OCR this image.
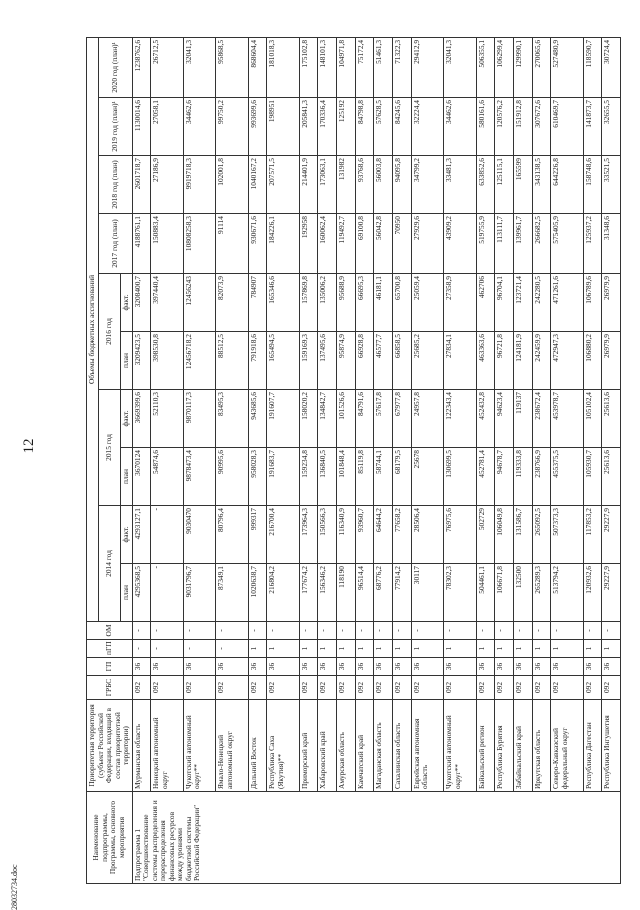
12
Наименование подпрограммы, Программы, основного мероприятия	Приоритетная территория (субъект Российской Федерации, входящий в состав приоритетной территории)	ГРБС	ГП	пГП	ОМ	Объемы бюджетных ассигнований									
						2014 год		2015 год		2016 год		2017 год (план)	2018 год (план)	2019 год (план)¹	2020 год (план)¹
						план	факт.	план	факт.	план	факт.				
Подпрограмма 1 "Совершенствование системы распределения и перераспределения финансовых ресурсов между уровнями бюджетной системы Российской Федерации"	Мурманская область	092	36	-	-	4295368,5	4293127,1	3670124	3669399,6	3209423,5	3208400,7	4188761,1	2601718,7	1130014,6	1238762,6
	Ненецкий автономный округ	092	36	-	-	-	-	54874,6	52110,3	398530,8	397440,4	150883,4	27186,9	27058,1	26712,5
	Чукотский автономный округ**	092	36	-	-	9031796,7	9030470	9878473,4	9870117,3	12456718,2	12456243	10808258,3	9919718,3	34462,6	32041,3
	Ямало-Ненецкий автономный округ	092	36	-	-	87349,1	80796,4	90995,6	83495,3	88512,5	82073,9	91114	102001,8	99750,2	95868,5
	Дальний Восток	092	36	1	-	1020638,7	999317	958028,3	943685,6	791918,6	784907	930671,6	1040167,2	993699,6	868604,4
	Республика Саха (Якутия)**	092	36	1	-	216804,2	216700,4	191683,7	191607,7	165494,5	165346,6	184226,1	207571,5	198951	181018,3
	Приморский край	092	36	1	-	177674,2	173964,3	159234,8	158020,2	159169,3	157869,8	192958	214401,9	205841,3	175102,8
	Хабаровский край	092	36	1	-	156346,2	150566,3	136840,5	134842,7	137495,6	135006,2	160062,4	173063,1	170336,4	148101,3
	Амурская область	092	36	1	-	118190	116340,9	101848,4	101526,6	95874,9	95688,9	119492,7	131982	125192	104971,8
	Камчатский край	092	36	1	-	96514,4	93960,7	85119,8	84791,6	66928,8	66695,3	69100,8	93768,6	84798,8	75172,4
	Магаданская область	092	36	1	-	68776,2	64644,2	58744,1	57617,8	46577,7	46181,1	56042,8	56003,8	57628,5	51461,3
	Сахалинская область	092	36	1	-	77914,2	77658,2	68179,5	67977,8	66858,5	65700,8	70950	94095,8	84245,6	71322,3
	Еврейская автономная область	092	36	1	-	30117	28506,4	25678	24957,8	25685,2	25059,4	27929,6	34799,2	32224,4	29412,9
	Чукотский автономный округ**	092	36	1	-	78302,3	76975,6	130699,5	122343,4	27834,1	27358,9	43909,2	33481,3	34462,6	32041,3
	Байкальский регион	092	36	1	-	504461,1	502729	452781,4	452432,8	463363,6	462706	519755,9	633852,6	580161,6	506355,1
	Республика Бурятия	092	36	1	-	106671,8	106049,8	94678,7	94623,4	96721,8	96704,1	113111,7	125115,1	120576,2	106299,4
	Забайкальский край	092	36	1	-	132500	131586,7	119333,8	119137	124181,9	123721,4	139961,7	165599	151912,8	129990,1
	Иркутская область	092	36	1	-	265289,3	265092,5	238766,9	238672,4	242459,9	242280,5	266682,5	343138,5	307672,6	270065,6
	Северо-Кавказский федеральный округ	092	36	1	-	513794,2	507373,3	455375,5	453978,7	472947,3	471261,6	575405,9	644226,8	610469,7	527480,9
	Республика Дагестан	092	36	1	-	120932,6	117853,2	105930,7	105102,4	106880,2	106789,6	125937,2	158748,6	141873,7	118590,7
	Республика Ингушетия	092	36	1	-	29227,9	29227,9	25613,6	25613,6	26979,9	26979,9	31348,6	33521,5	32655,5	30724,4
28032734.doc
